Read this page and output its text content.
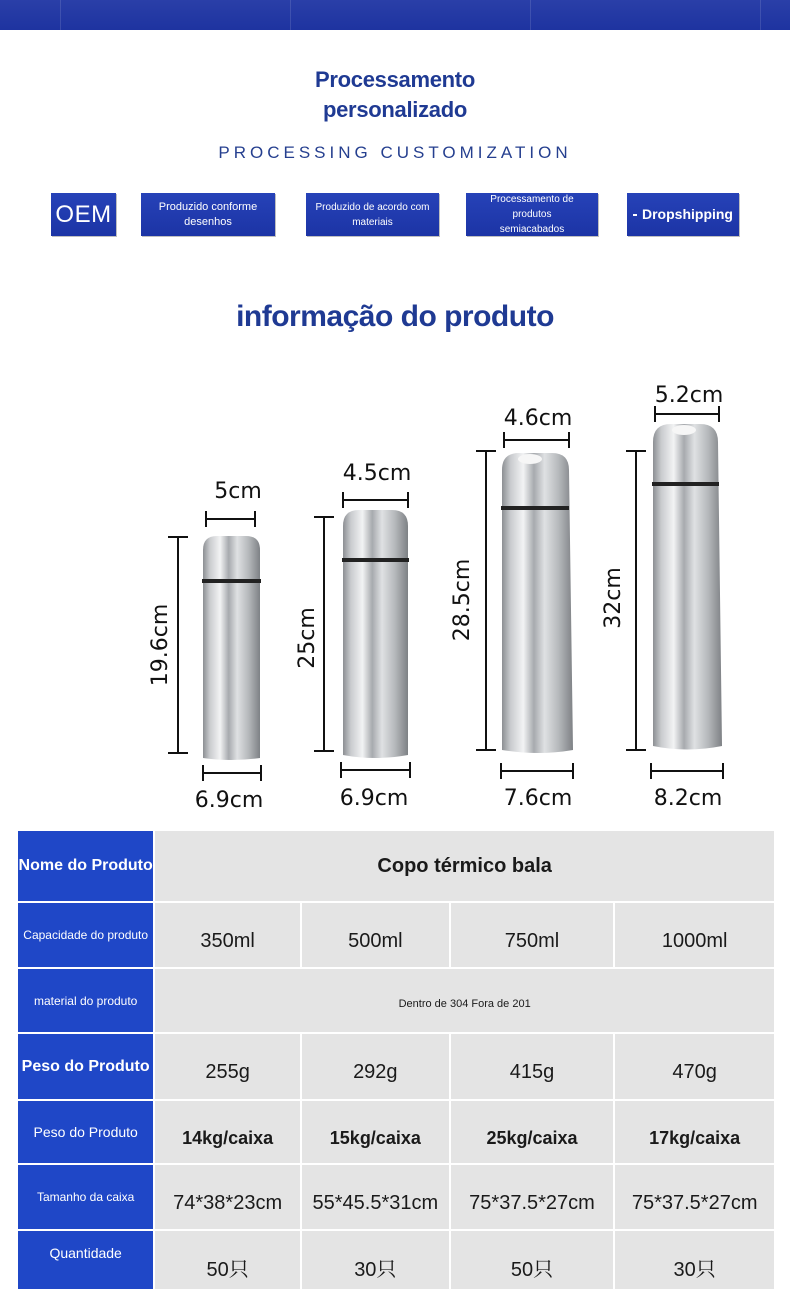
Processamento
personalizado
PROCESSING CUSTOMIZATION
OEM	Produzido conforme
desenhos
Produzido de acordo com
materiais
Processamento de produtos
semiacabados
Dropshipping
informação do produto
19.6cm
5cm
6.9cm
25cm
4.5cm
6.9cm
28.5cm
4.6cm
7.6cm
32cm
5.2cm
8.2cm
Nome do Produto	Copo térmico bala			
Capacidade do produto	350ml	500ml	750ml	1000ml
material do produto	Dentro de 304 Fora de 201			
Peso do Produto	255g	292g	415g	470g
Peso do Produto	14kg/caixa	15kg/caixa	25kg/caixa	17kg/caixa
Tamanho da caixa	74*38*23cm	55*45.5*31cm	75*37.5*27cm	75*37.5*27cm
Quantidade	50只	30只	50只	30只
